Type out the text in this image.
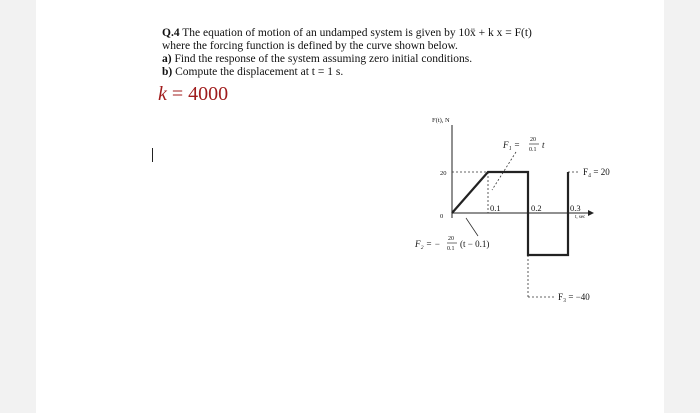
Q.4 The equation of motion of an undamped system is given by 10ẍ + k x = F(t)
where the forcing function is defined by the curve shown below.
a) Find the response of the system assuming zero initial conditions.
b) Compute the displacement at t = 1 s.
k = 4000
F(t), N
20
0
0.1	0.2	0.3
t, sec
F₁ = 20
0.1 t
F₂ = − 20
0.1 (t − 0.1)
F₄ = 20
F₃ = −40
